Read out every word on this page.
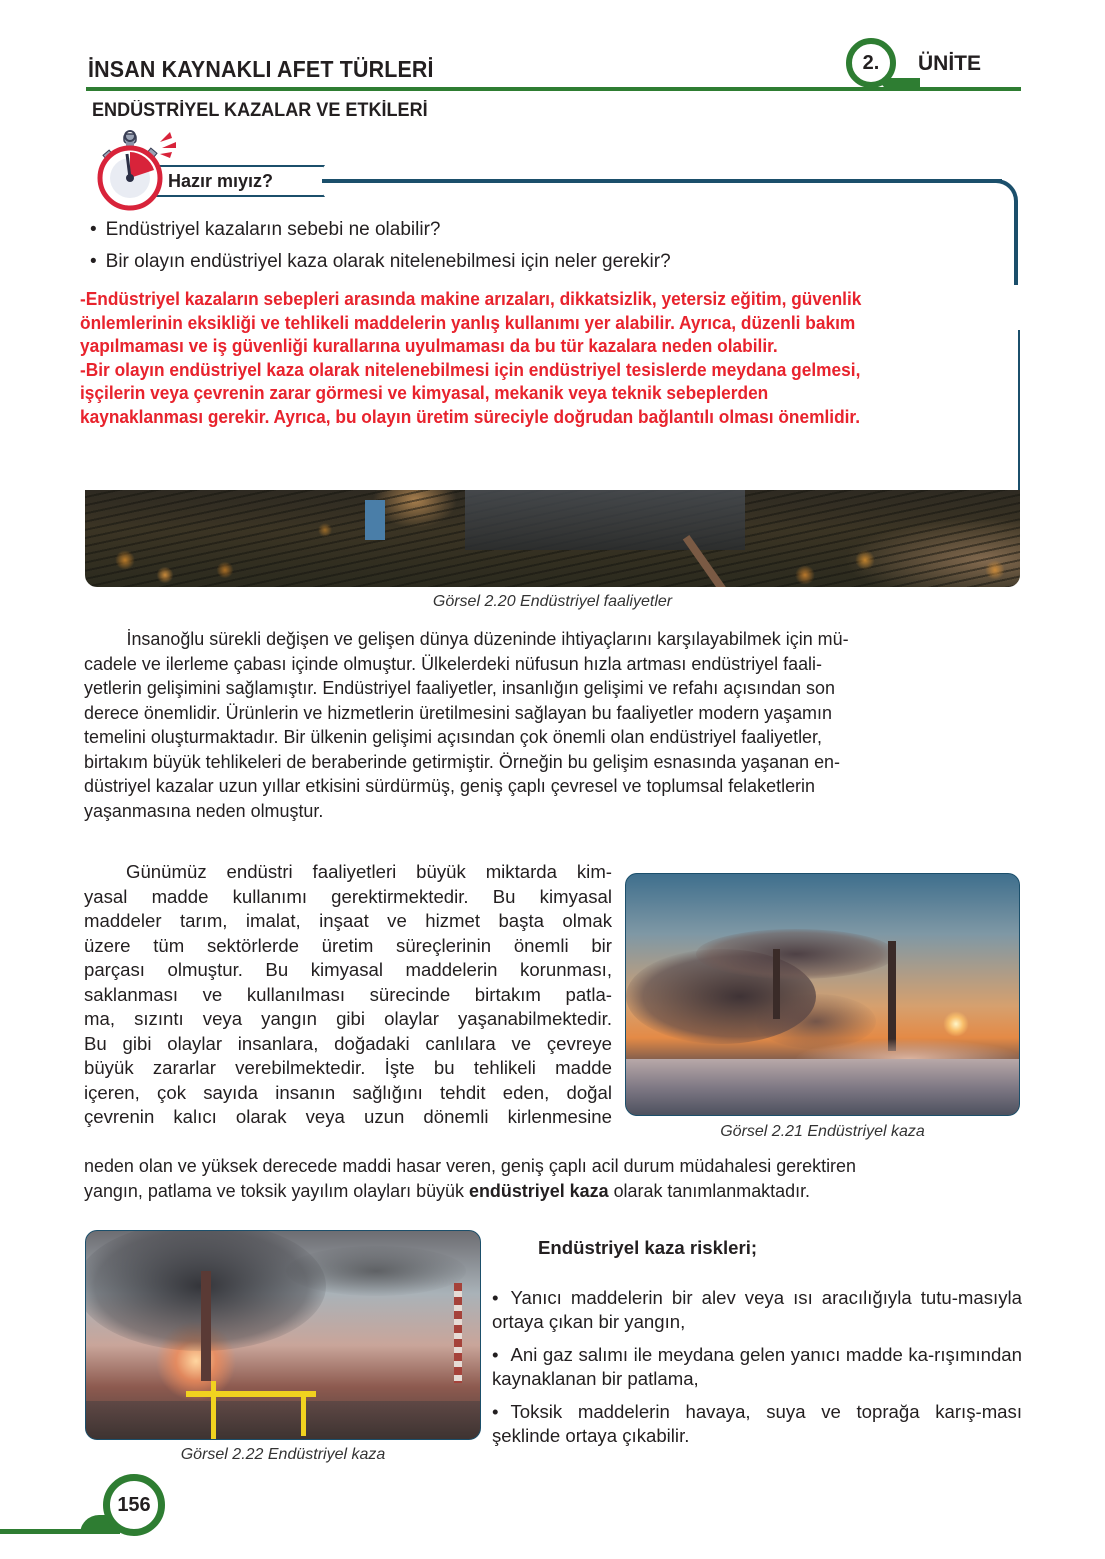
İNSAN KAYNAKLI AFET TÜRLERİ	2. ÜNİTE
ENDÜSTRİYEL KAZALAR VE ETKİLERİ
Hazır mıyız?
• Endüstriyel kazaların sebebi ne olabilir?
• Bir olayın endüstriyel kaza olarak nitelenebilmesi için neler gerekir?
-Endüstriyel kazaların sebepleri arasında makine arızaları, dikkatsizlik, yetersiz eğitim, güvenlik
önlemlerinin eksikliği ve tehlikeli maddelerin yanlış kullanımı yer alabilir. Ayrıca, düzenli bakım
yapılmaması ve iş güvenliği kurallarına uyulmaması da bu tür kazalara neden olabilir.
-Bir olayın endüstriyel kaza olarak nitelenebilmesi için endüstriyel tesislerde meydana gelmesi,
işçilerin veya çevrenin zarar görmesi ve kimyasal, mekanik veya teknik sebeplerden
kaynaklanması gerekir. Ayrıca, bu olayın üretim süreciyle doğrudan bağlantılı olması önemlidir.
Görsel 2.20 Endüstriyel faaliyetler
İnsanoğlu sürekli değişen ve gelişen dünya düzeninde ihtiyaçlarını karşılayabilmek için mü-
cadele ve ilerleme çabası içinde olmuştur. Ülkelerdeki nüfusun hızla artması endüstriyel faali-
yetlerin gelişimini sağlamıştır. Endüstriyel faaliyetler, insanlığın gelişimi ve refahı açısından son
derece önemlidir. Ürünlerin ve hizmetlerin üretilmesini sağlayan bu faaliyetler modern yaşamın
temelini oluşturmaktadır. Bir ülkenin gelişimi açısından çok önemli olan endüstriyel faaliyetler,
birtakım büyük tehlikeleri de beraberinde getirmiştir. Örneğin bu gelişim esnasında yaşanan en-
düstriyel kazalar uzun yıllar etkisini sürdürmüş, geniş çaplı çevresel ve toplumsal felaketlerin
yaşanmasına neden olmuştur.
Günümüz endüstri faaliyetleri büyük miktarda kim-
yasal madde kullanımı gerektirmektedir. Bu kimyasal
maddeler tarım, imalat, inşaat ve hizmet başta olmak
üzere tüm sektörlerde üretim süreçlerinin önemli bir
parçası olmuştur. Bu kimyasal maddelerin korunması,
saklanması ve kullanılması sürecinde birtakım patla-
ma, sızıntı veya yangın gibi olaylar yaşanabilmektedir.
Bu gibi olaylar insanlara, doğadaki canlılara ve çevreye
büyük zararlar verebilmektedir. İşte bu tehlikeli madde
içeren, çok sayıda insanın sağlığını tehdit eden, doğal
çevrenin kalıcı olarak veya uzun dönemli kirlenmesine
neden olan ve yüksek derecede maddi hasar veren, geniş çaplı acil durum müdahalesi gerektiren
yangın, patlama ve toksik yayılım olayları büyük endüstriyel kaza olarak tanımlanmaktadır.
Görsel 2.21 Endüstriyel kaza
Görsel 2.22 Endüstriyel kaza
Endüstriyel kaza riskleri;
• Yanıcı maddelerin bir alev veya ısı aracılığıyla tutu-masıyla ortaya çıkan bir yangın,
• Ani gaz salımı ile meydana gelen yanıcı madde ka-rışımından kaynaklanan bir patlama,
• Toksik maddelerin havaya, suya ve toprağa karış-ması şeklinde ortaya çıkabilir.
156
